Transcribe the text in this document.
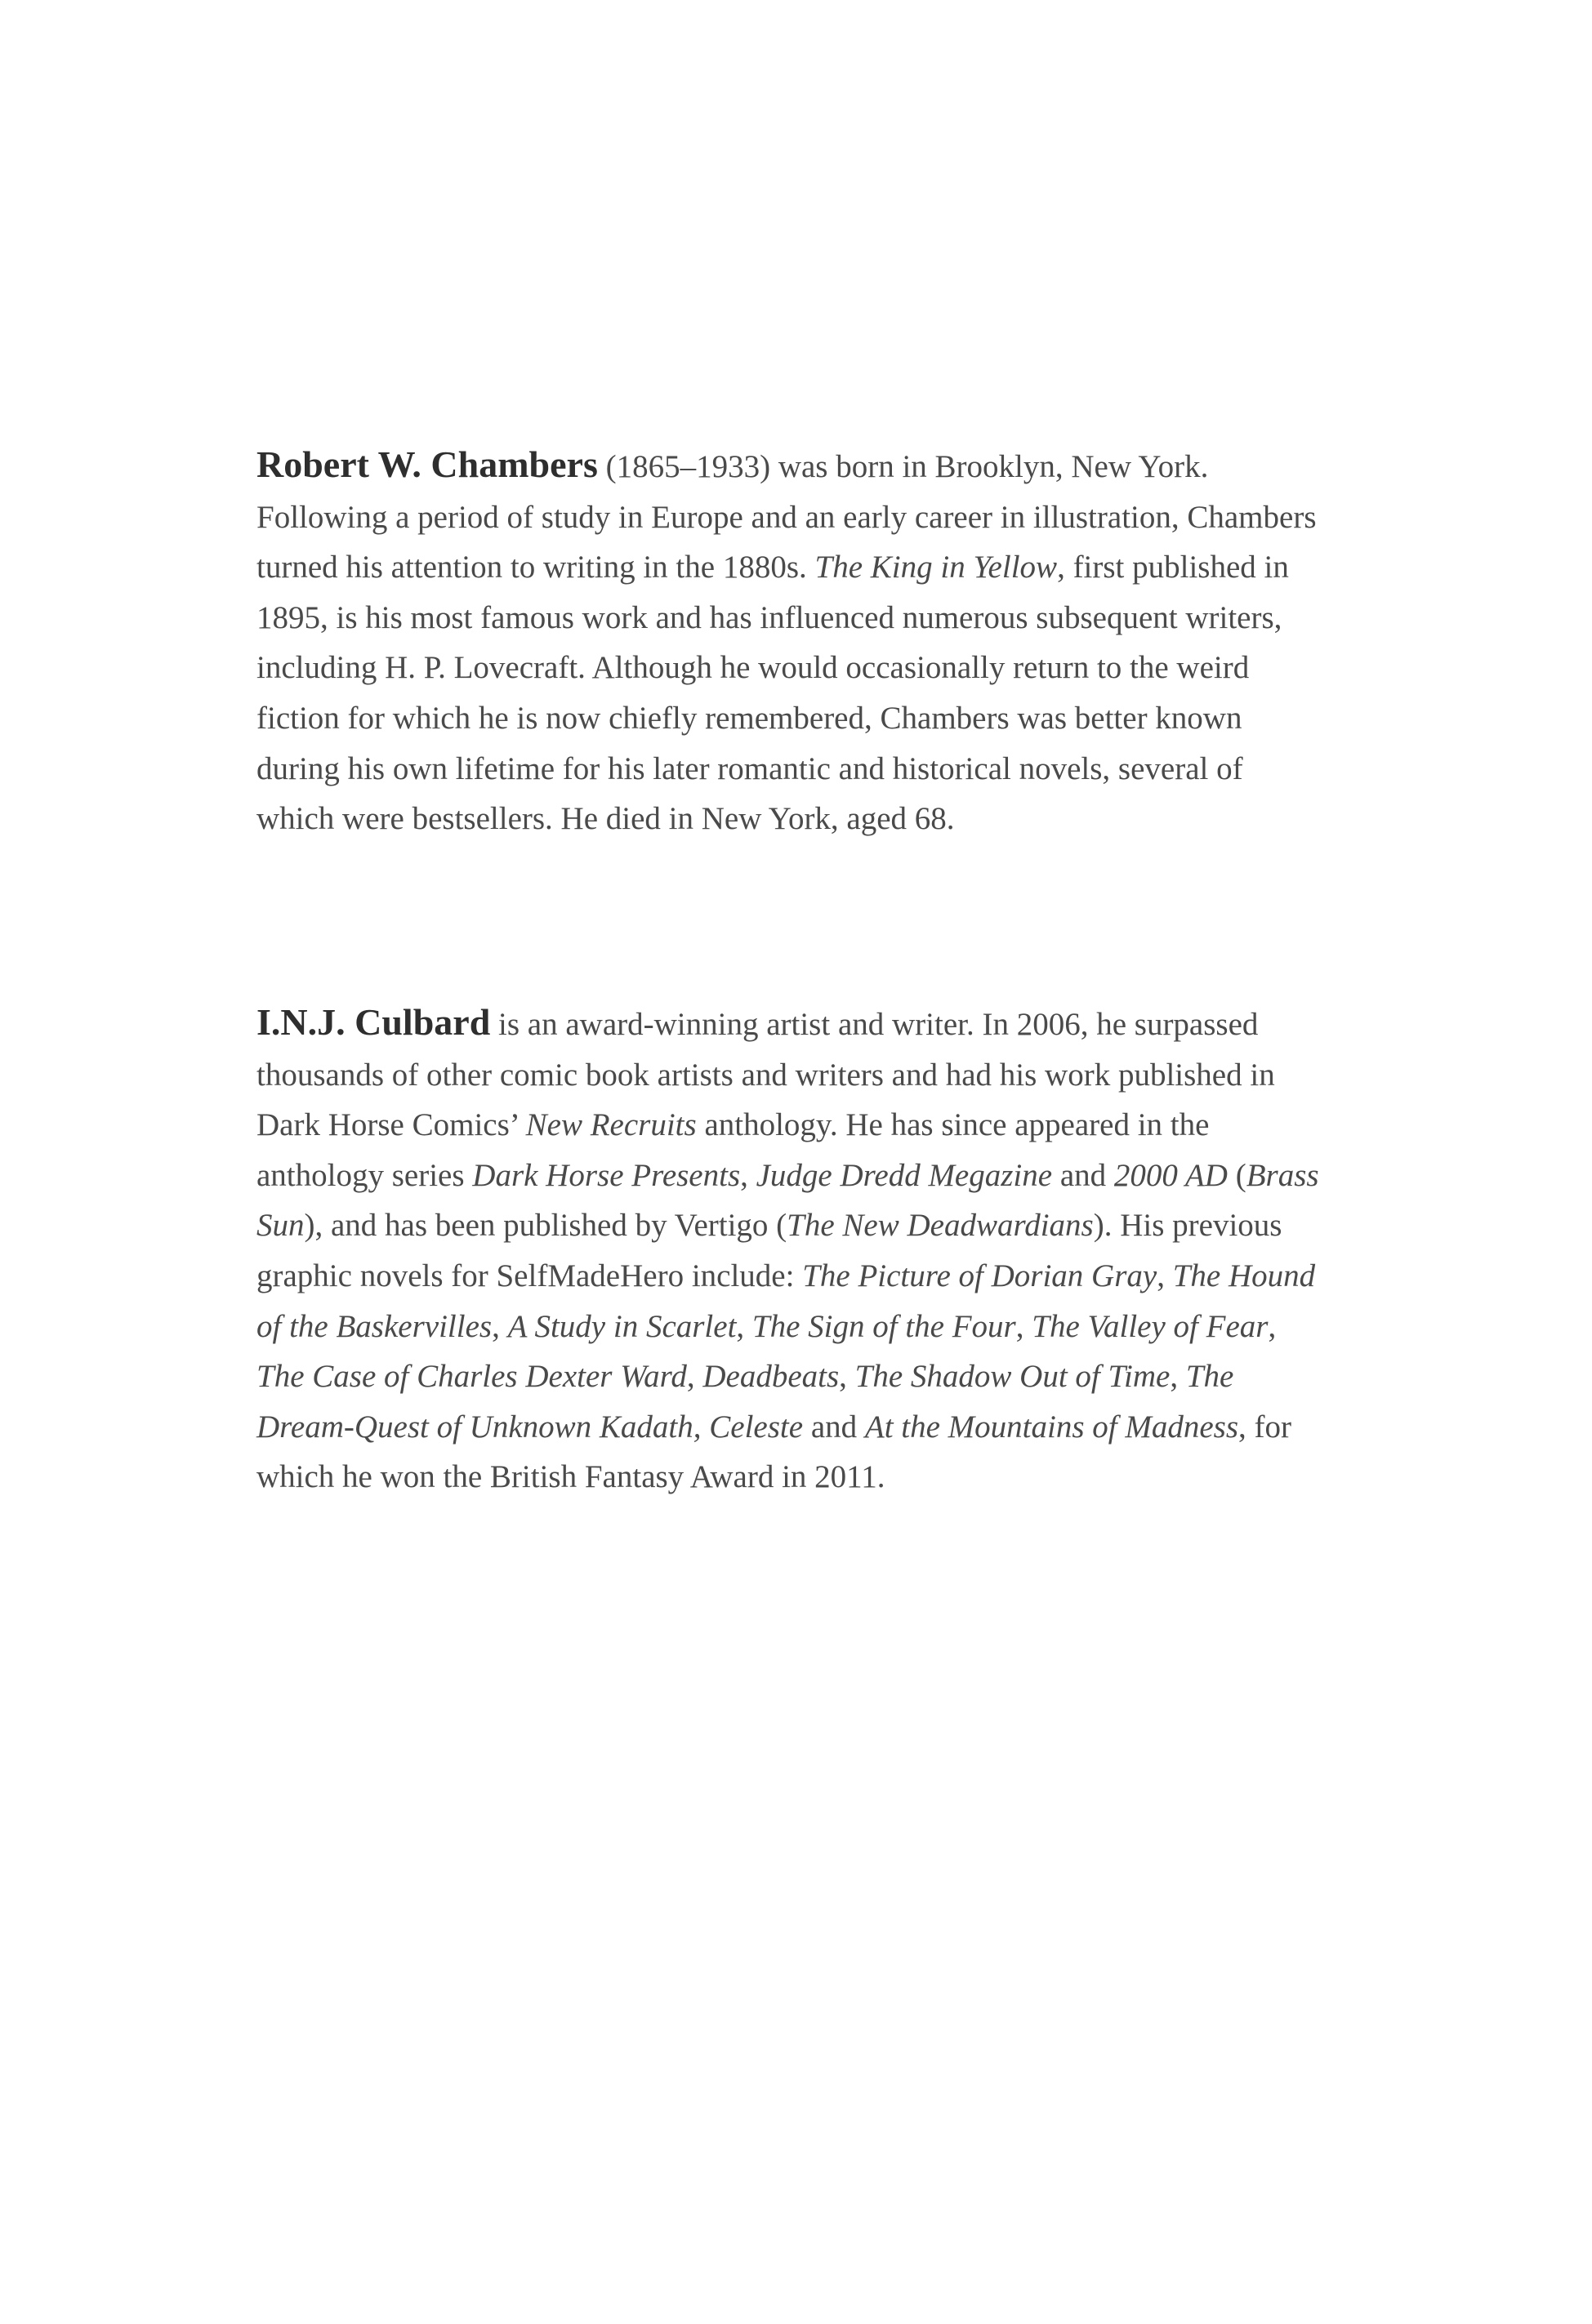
Robert W. Chambers (1865–1933) was born in Brooklyn, New York. Following a period of study in Europe and an early career in illustration, Chambers turned his attention to writing in the 1880s. The King in Yellow, first published in 1895, is his most famous work and has influenced numerous subsequent writers, including H. P. Lovecraft. Although he would occasionally return to the weird fiction for which he is now chiefly remembered, Chambers was better known during his own lifetime for his later romantic and historical novels, several of which were bestsellers. He died in New York, aged 68.

I.N.J. Culbard is an award-winning artist and writer. In 2006, he surpassed thousands of other comic book artists and writers and had his work published in Dark Horse Comics’ New Recruits anthology. He has since appeared in the anthology series Dark Horse Presents, Judge Dredd Megazine and 2000 AD (Brass Sun), and has been published by Vertigo (The New Deadwardians). His previous graphic novels for SelfMadeHero include: The Picture of Dorian Gray, The Hound of the Baskervilles, A Study in Scarlet, The Sign of the Four, The Valley of Fear, The Case of Charles Dexter Ward, Deadbeats, The Shadow Out of Time, The Dream-Quest of Unknown Kadath, Celeste and At the Mountains of Madness, for which he won the British Fantasy Award in 2011.
